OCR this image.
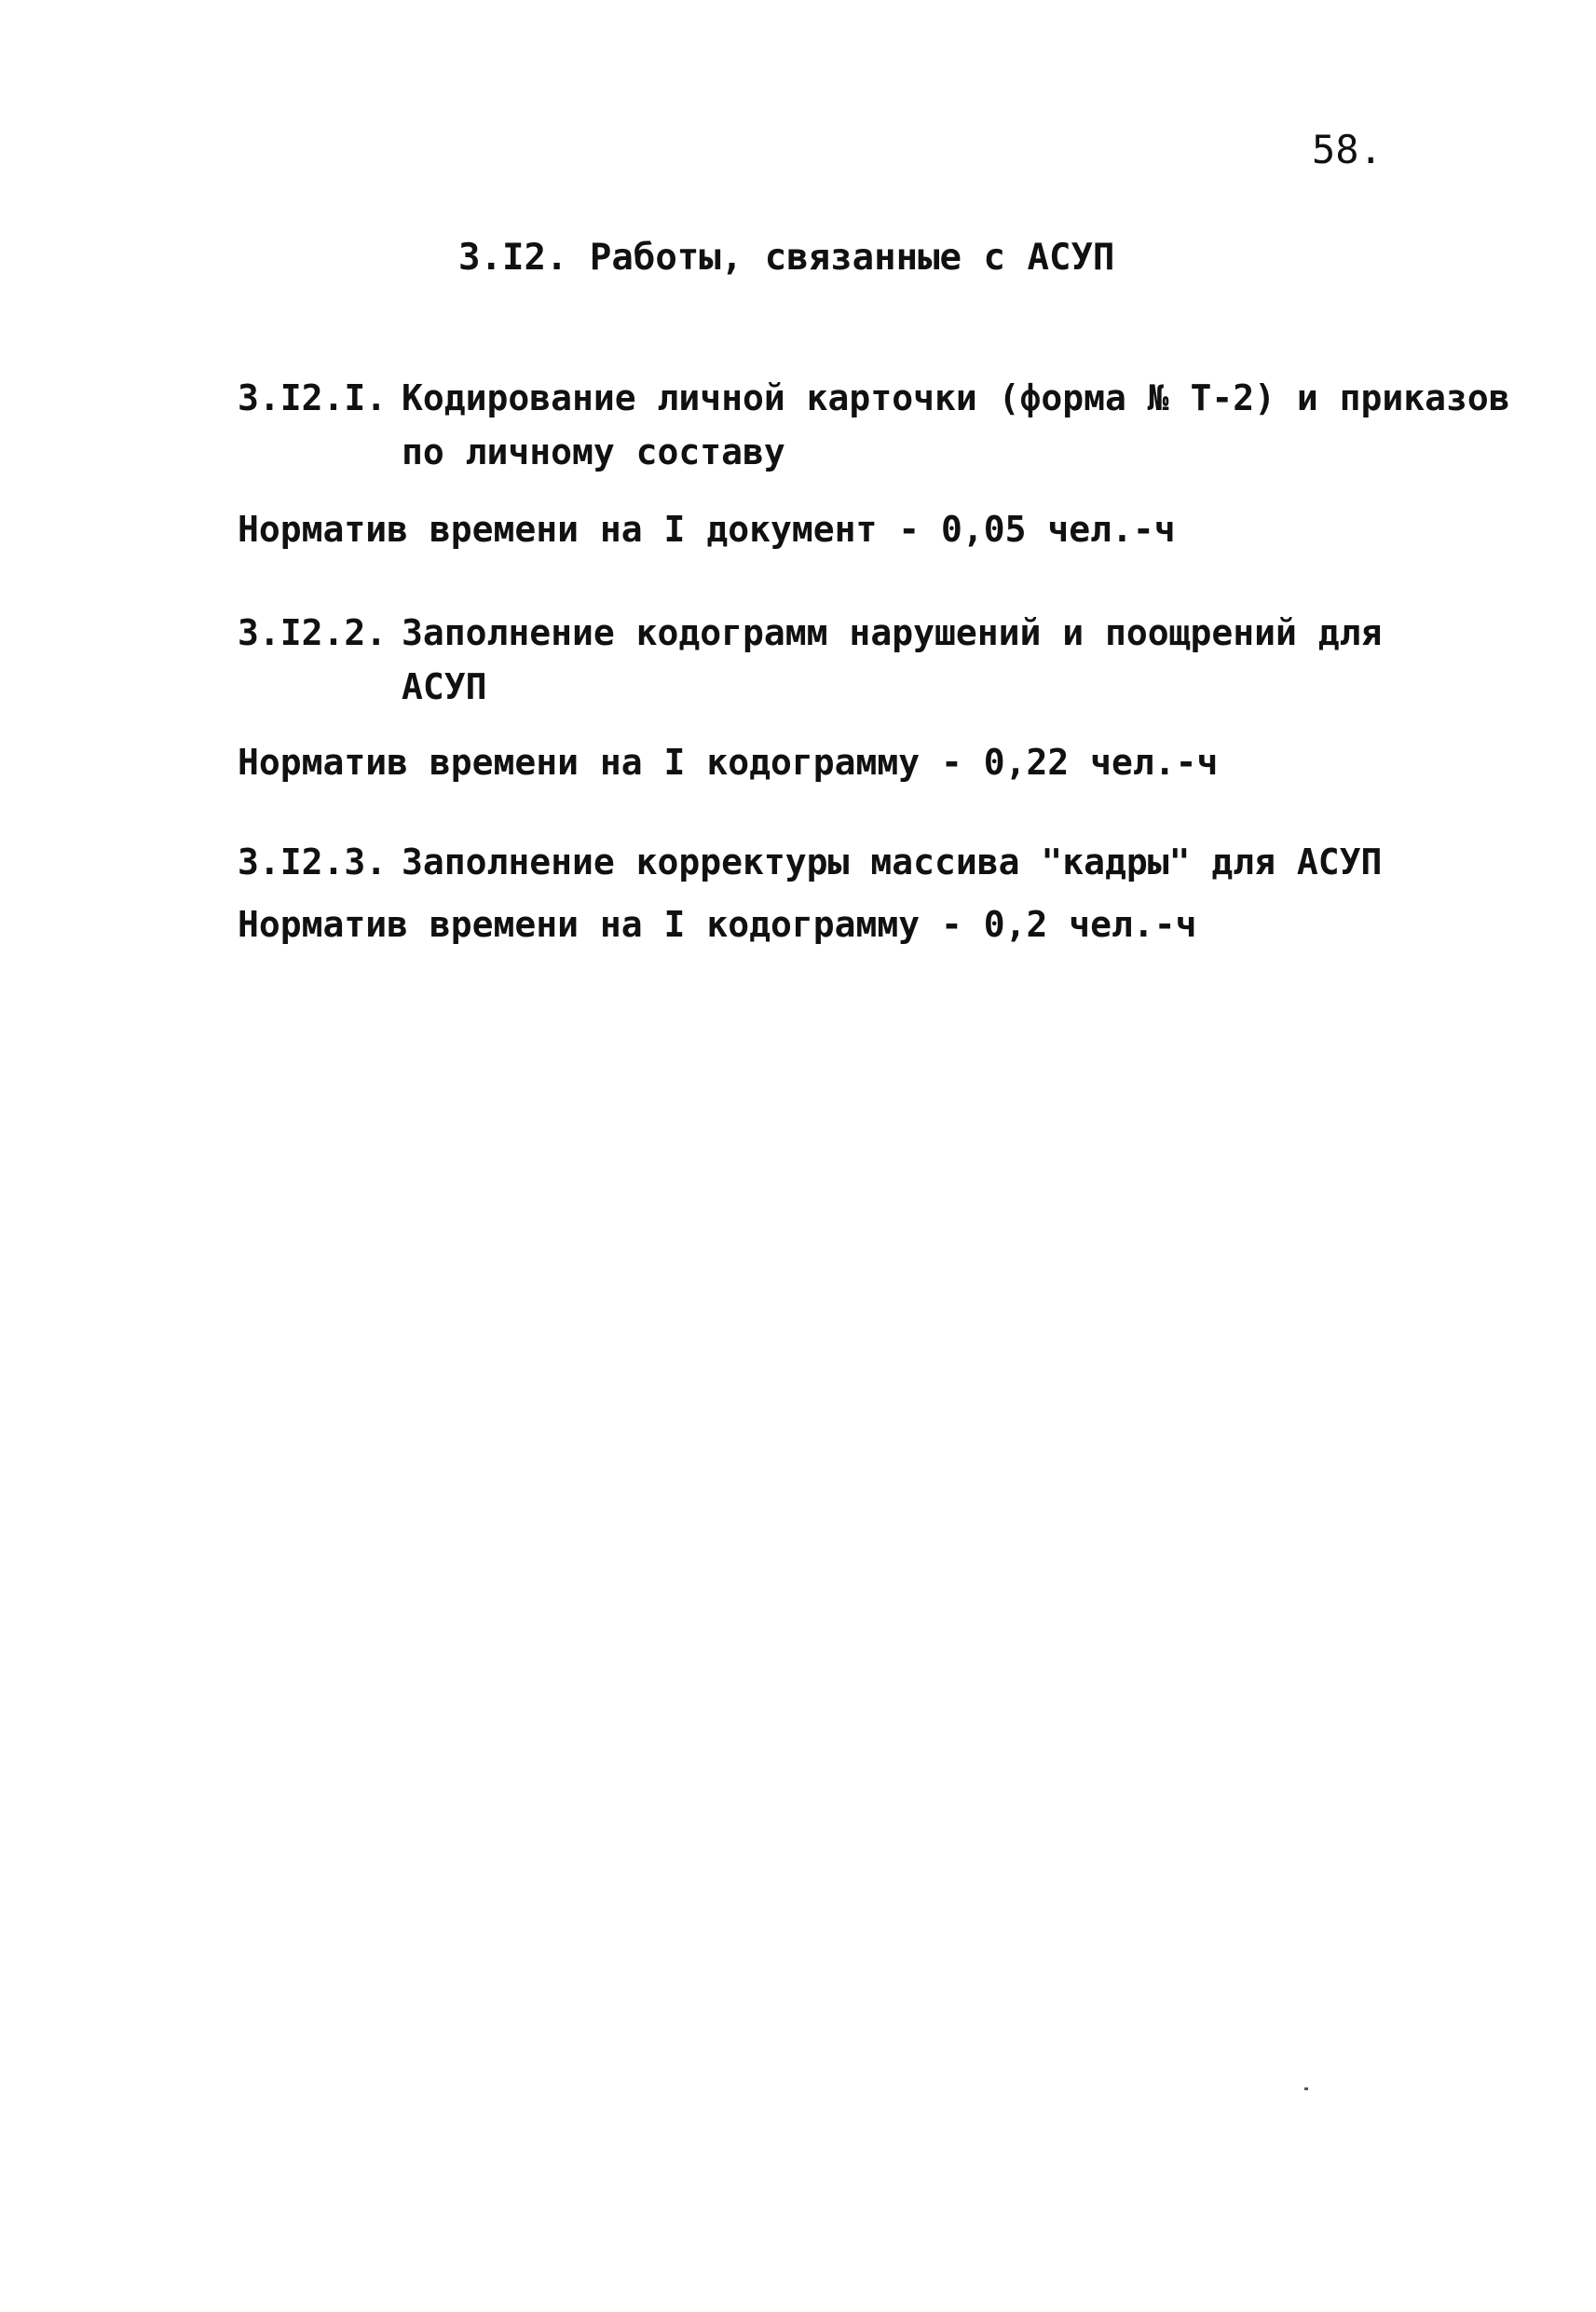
58.
3.I2. Работы, связанные с АСУП
3.I2.I. Кодирование личной карточки (форма № Т-2) и приказов
по личному составу
Норматив времени на I документ - 0,05 чел.-ч
3.I2.2. Заполнение кодограмм нарушений и поощрений для
АСУП
Норматив времени на I кодограмму - 0,22 чел.-ч
3.I2.3. Заполнение корректуры массива "кадры" для АСУП
Норматив времени на I кодограмму - 0,2 чел.-ч
